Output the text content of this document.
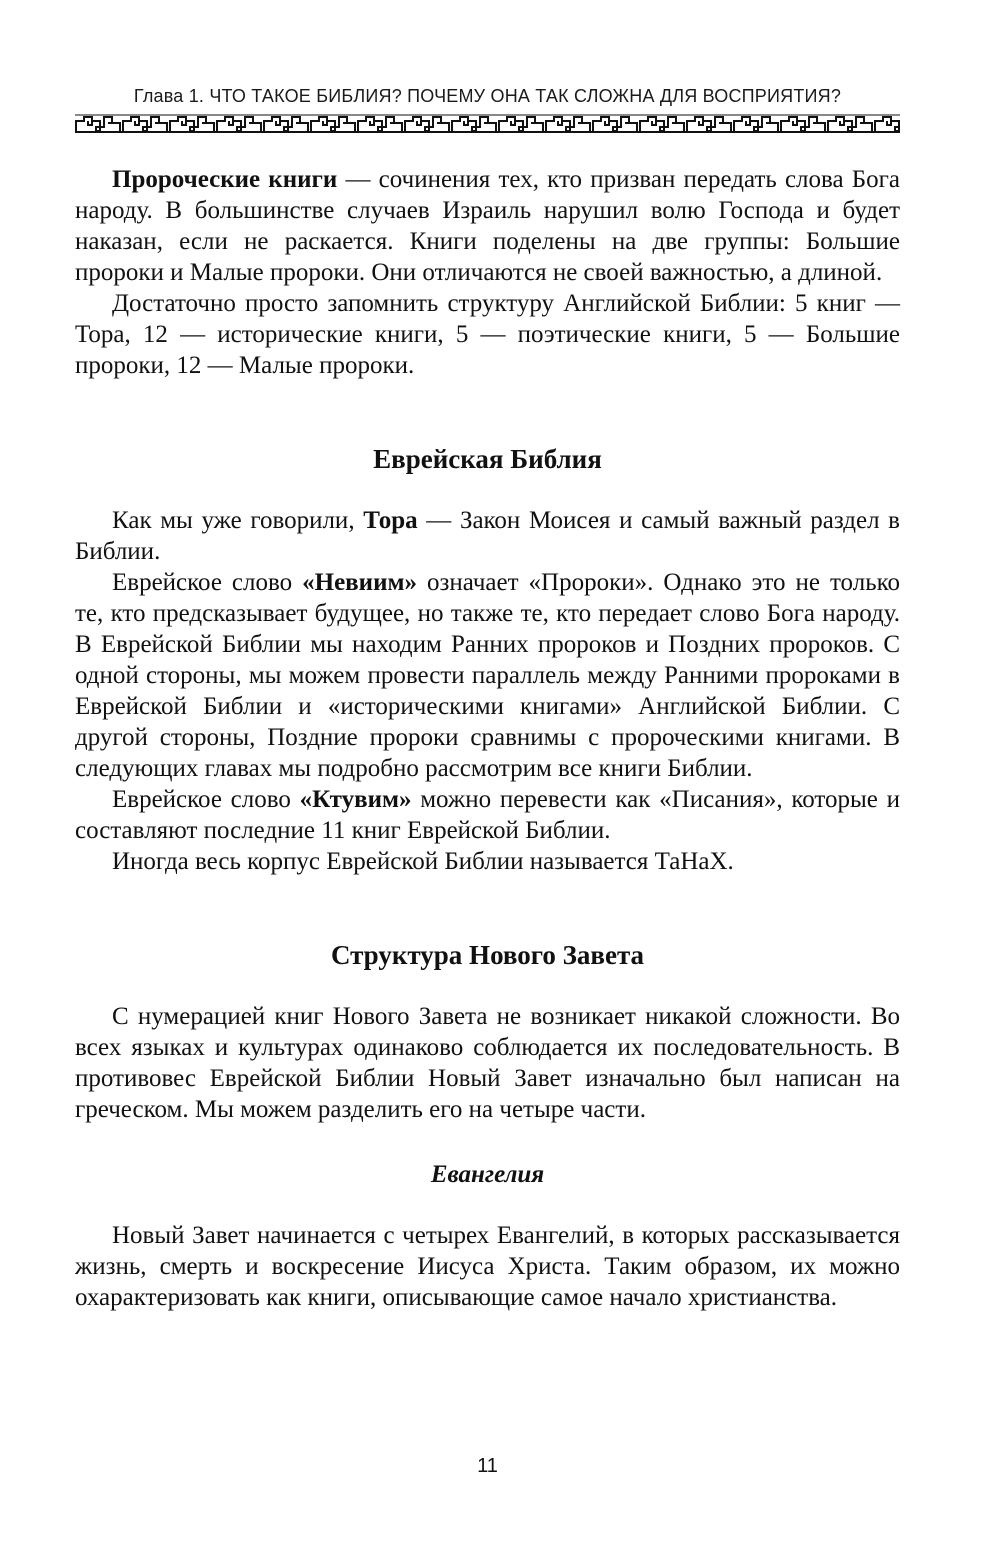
Глава 1. ЧТО ТАКОЕ БИБЛИЯ? ПОЧЕМУ ОНА ТАК СЛОЖНА ДЛЯ ВОСПРИЯТИЯ?

Пророческие книги — сочинения тех, кто призван передать слова Бога народу. В большинстве случаев Израиль нарушил волю Господа и будет наказан, если не раскается. Книги поделены на две группы: Большие пророки и Малые пророки. Они отличаются не своей важностью, а длиной.

Достаточно просто запомнить структуру Английской Библии: 5 книг — Тора, 12 — исторические книги, 5 — поэтические книги, 5 — Большие пророки, 12 — Малые пророки.

Еврейская Библия

Как мы уже говорили, Тора — Закон Моисея и самый важный раздел в Библии.

Еврейское слово «Невиим» означает «Пророки». Однако это не только те, кто предсказывает будущее, но также те, кто передает слово Бога народу. В Еврейской Библии мы находим Ранних пророков и Поздних пророков. С одной стороны, мы можем провести параллель между Ранними пророками в Еврейской Библии и «историческими книгами» Английской Библии. С другой стороны, Поздние пророки сравнимы с пророческими книгами. В следующих главах мы подробно рассмотрим все книги Библии.

Еврейское слово «Ктувим» можно перевести как «Писания», которые и составляют последние 11 книг Еврейской Библии.

Иногда весь корпус Еврейской Библии называется ТаНаХ.

Структура Нового Завета

С нумерацией книг Нового Завета не возникает никакой сложности. Во всех языках и культурах одинаково соблюдается их последовательность. В противовес Еврейской Библии Новый Завет изначально был написан на греческом. Мы можем разделить его на четыре части.

Евангелия

Новый Завет начинается с четырех Евангелий, в которых рассказывается жизнь, смерть и воскресение Иисуса Христа. Таким образом, их можно охарактеризовать как книги, описывающие самое начало христианства.

11
